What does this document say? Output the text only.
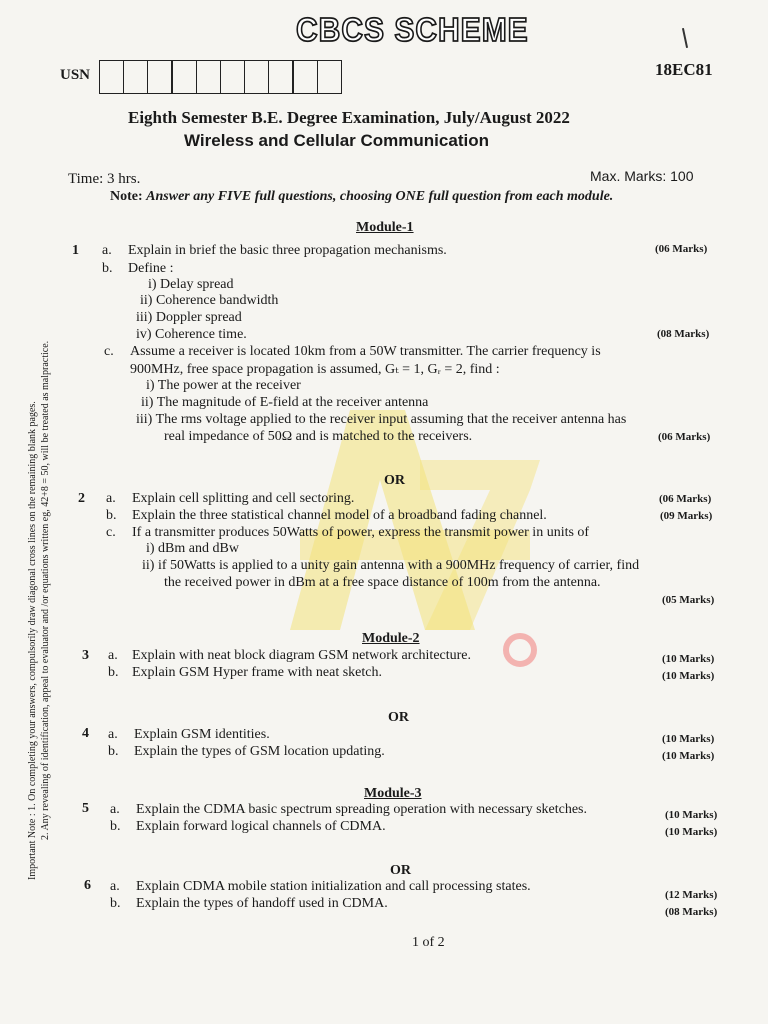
CBCS SCHEME
USN	18EC81
Eighth Semester B.E. Degree Examination, July/August 2022
Wireless and Cellular Communication
Time: 3 hrs.	Max. Marks: 100
Note: Answer any FIVE full questions, choosing ONE full question from each module.
Important Note : 1. On completing your answers, compulsorily draw diagonal cross lines on the remaining blank pages. 2. Any revealing of identification, appeal to evaluator and /or equations written eg, 42+8 = 50, will be treated as malpractice.
Module-1
1 a. Explain in brief the basic three propagation mechanisms.	(06 Marks)
b. Define :
i) Delay spread
ii) Coherence bandwidth
iii) Doppler spread
iv) Coherence time.	(08 Marks)
c. Assume a receiver is located 10km from a 50W transmitter. The carrier frequency is
900MHz, free space propagation is assumed, Gₜ = 1, Gᵣ = 2, find :
i) The power at the receiver
ii) The magnitude of E-field at the receiver antenna
iii) The rms voltage applied to the receiver input assuming that the receiver antenna has
real impedance of 50Ω and is matched to the receivers.	(06 Marks)
OR
2 a. Explain cell splitting and cell sectoring.	(06 Marks)
b. Explain the three statistical channel model of a broadband fading channel.	(09 Marks)
c. If a transmitter produces 50Watts of power, express the transmit power in units of
i) dBm and dBw
ii) if 50Watts is applied to a unity gain antenna with a 900MHz frequency of carrier, find
the received power in dBm at a free space distance of 100m from the antenna.
(05 Marks)
Module-2
3 a. Explain with neat block diagram GSM network architecture.	(10 Marks)
b. Explain GSM Hyper frame with neat sketch.	(10 Marks)
OR
4 a. Explain GSM identities.	(10 Marks)
b. Explain the types of GSM location updating.	(10 Marks)
Module-3
5 a. Explain the CDMA basic spectrum spreading operation with necessary sketches.	(10 Marks)
b. Explain forward logical channels of CDMA.	(10 Marks)
OR
6 a. Explain CDMA mobile station initialization and call processing states.
(12 Marks)
b. Explain the types of handoff used in CDMA.
(08 Marks)
1 of 2
